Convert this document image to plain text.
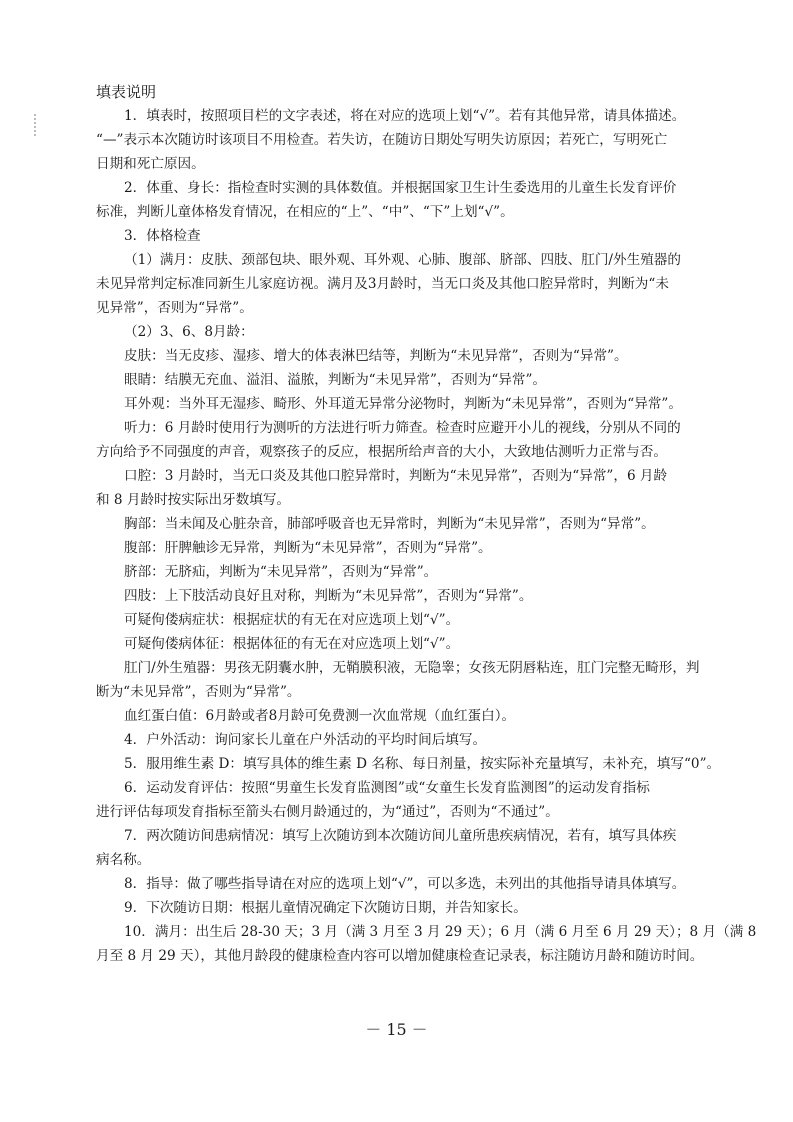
填表说明
1．填表时，按照项目栏的文字表述，将在对应的选项上划“√”。若有其他异常，请具体描述。
“—”表示本次随访时该项目不用检查。若失访，在随访日期处写明失访原因；若死亡，写明死亡
日期和死亡原因。
2．体重、身长：指检查时实测的具体数值。并根据国家卫生计生委选用的儿童生长发育评价
标准，判断儿童体格发育情况，在相应的“上”、“中”、“下”上划“√”。
3．体格检查
（1）满月：皮肤、颈部包块、眼外观、耳外观、心肺、腹部、脐部、四肢、肛门/外生殖器的
未见异常判定标准同新生儿家庭访视。满月及3月龄时，当无口炎及其他口腔异常时，判断为“未
见异常”，否则为“异常”。
（2）3、6、8月龄：
皮肤：当无皮疹、湿疹、增大的体表淋巴结等，判断为“未见异常”，否则为“异常”。
眼睛：结膜无充血、溢泪、溢脓，判断为“未见异常”，否则为“异常”。
耳外观：当外耳无湿疹、畸形、外耳道无异常分泌物时，判断为“未见异常”，否则为“异常”。
听力：6 月龄时使用行为测听的方法进行听力筛查。检查时应避开小儿的视线，分别从不同的
方向给予不同强度的声音，观察孩子的反应，根据所给声音的大小，大致地估测听力正常与否。
口腔：3 月龄时，当无口炎及其他口腔异常时，判断为“未见异常”，否则为“异常”，6 月龄
和 8 月龄时按实际出牙数填写。
胸部：当未闻及心脏杂音，肺部呼吸音也无异常时，判断为“未见异常”，否则为“异常”。
腹部：肝脾触诊无异常，判断为“未见异常”，否则为“异常”。
脐部：无脐疝，判断为“未见异常”，否则为“异常”。
四肢：上下肢活动良好且对称，判断为“未见异常”，否则为“异常”。
可疑佝偻病症状：根据症状的有无在对应选项上划“√”。
可疑佝偻病体征：根据体征的有无在对应选项上划“√”。
肛门/外生殖器：男孩无阴囊水肿，无鞘膜积液，无隐睾；女孩无阴唇粘连，肛门完整无畸形，判
断为“未见异常”，否则为“异常”。
血红蛋白值：6月龄或者8月龄可免费测一次血常规（血红蛋白）。
4．户外活动：询问家长儿童在户外活动的平均时间后填写。
5．服用维生素 D：填写具体的维生素 D 名称、每日剂量，按实际补充量填写，未补充，填写“0”。
6．运动发育评估：按照“男童生长发育监测图”或“女童生长发育监测图”的运动发育指标
进行评估每项发育指标至箭头右侧月龄通过的，为“通过”，否则为“不通过”。
7．两次随访间患病情况：填写上次随访到本次随访间儿童所患疾病情况，若有，填写具体疾
病名称。
8．指导：做了哪些指导请在对应的选项上划“√”，可以多选，未列出的其他指导请具体填写。
9．下次随访日期：根据儿童情况确定下次随访日期，并告知家长。
10．满月：出生后 28-30 天；3 月（满 3 月至 3 月 29 天）；6 月（满 6 月至 6 月 29 天）；8 月（满 8
月至 8 月 29 天），其他月龄段的健康检查内容可以增加健康检查记录表，标注随访月龄和随访时间。
－ 15 －
